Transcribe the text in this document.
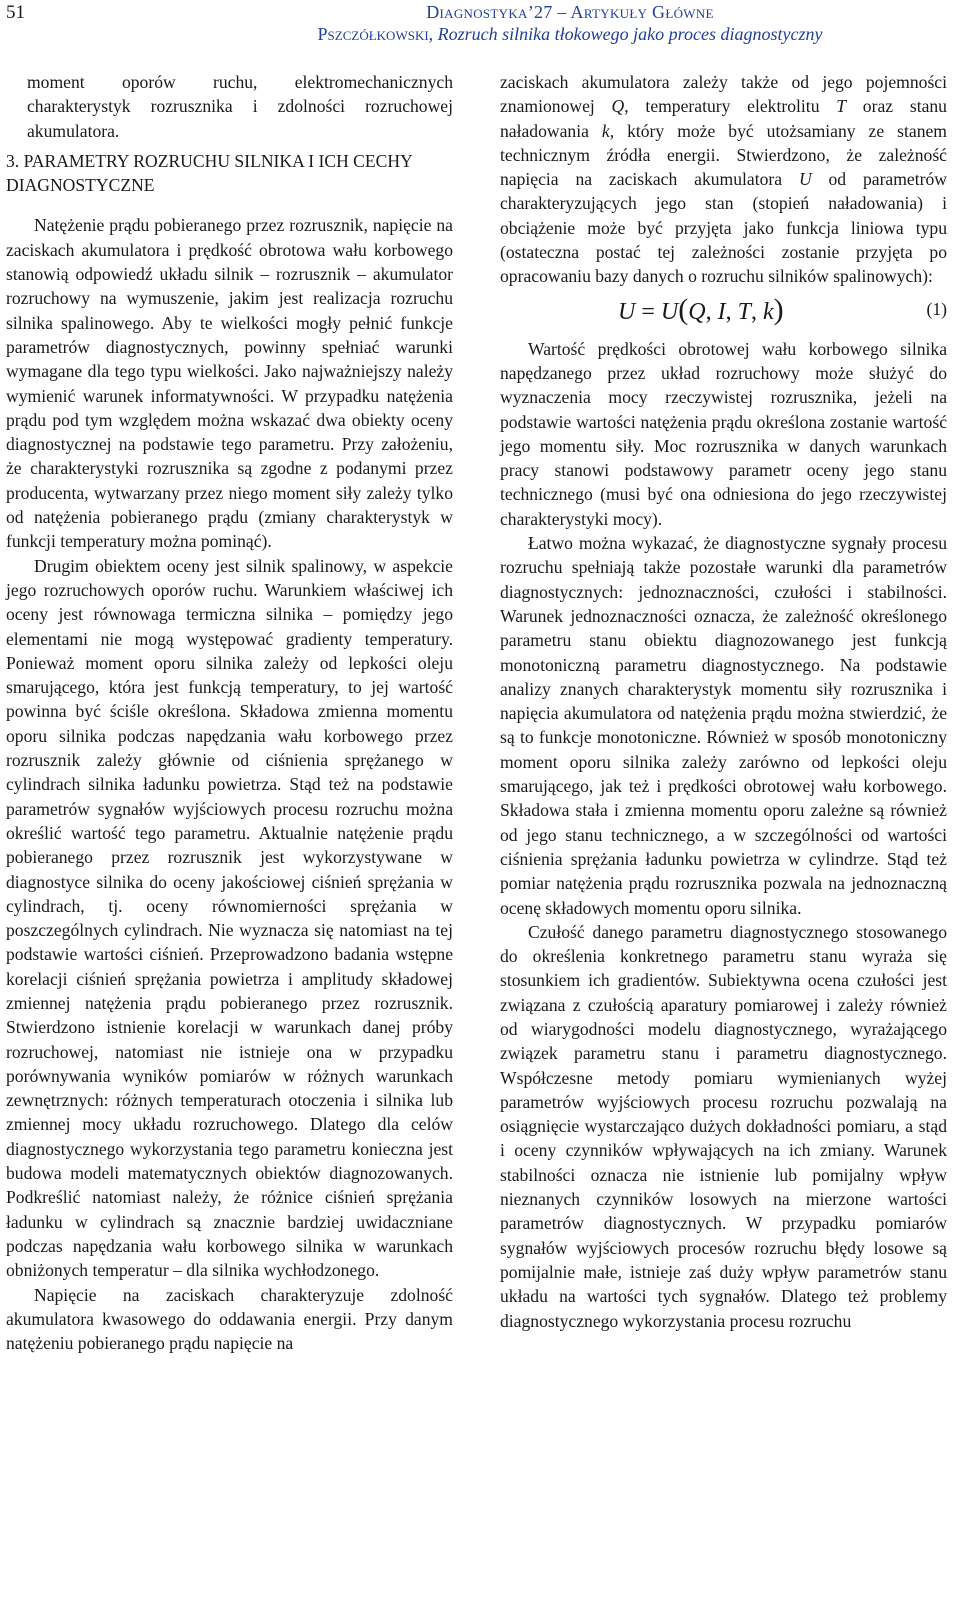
51	Diagnostyka’27 – Artykuły Główne
Pszczółkowski, Rozruch silnika tłokowego jako proces diagnostyczny

moment oporów ruchu, elektromechanicznych charakterystyk rozrusznika i zdolności rozruchowej akumulatora.

3. PARAMETRY ROZRUCHU SILNIKA I ICH CECHY DIAGNOSTYCZNE

Natężenie prądu pobieranego przez rozrusznik, napięcie na zaciskach akumulatora i prędkość obrotowa wału korbowego stanowią odpowiedź układu silnik – rozrusznik – akumulator rozruchowy na wymuszenie, jakim jest realizacja rozruchu silnika spalinowego. Aby te wielkości mogły pełnić funkcje parametrów diagnostycznych, powinny spełniać warunki wymagane dla tego typu wielkości. Jako najważniejszy należy wymienić warunek informatywności. W przypadku natężenia prądu pod tym względem można wskazać dwa obiekty oceny diagnostycznej na podstawie tego parametru. Przy założeniu, że charakterystyki rozrusznika są zgodne z podanymi przez producenta, wytwarzany przez niego moment siły zależy tylko od natężenia pobieranego prądu (zmiany charakterystyk w funkcji temperatury można pominąć).

Drugim obiektem oceny jest silnik spalinowy, w aspekcie jego rozruchowych oporów ruchu. Warunkiem właściwej ich oceny jest równowaga termiczna silnika – pomiędzy jego elementami nie mogą występować gradienty temperatury. Ponieważ moment oporu silnika zależy od lepkości oleju smarującego, która jest funkcją temperatury, to jej wartość powinna być ściśle określona. Składowa zmienna momentu oporu silnika podczas napędzania wału korbowego przez rozrusznik zależy głównie od ciśnienia sprężanego w cylindrach silnika ładunku powietrza. Stąd też na podstawie parametrów sygnałów wyjściowych procesu rozruchu można określić wartość tego parametru. Aktualnie natężenie prądu pobieranego przez rozrusznik jest wykorzystywane w diagnostyce silnika do oceny jakościowej ciśnień sprężania w cylindrach, tj. oceny równomierności sprężania w poszczególnych cylindrach. Nie wyznacza się natomiast na tej podstawie wartości ciśnień. Przeprowadzono badania wstępne korelacji ciśnień sprężania powietrza i amplitudy składowej zmiennej natężenia prądu pobieranego przez rozrusznik. Stwierdzono istnienie korelacji w warunkach danej próby rozruchowej, natomiast nie istnieje ona w przypadku porównywania wyników pomiarów w różnych warunkach zewnętrznych: różnych temperaturach otoczenia i silnika lub zmiennej mocy układu rozruchowego. Dlatego dla celów diagnostycznego wykorzystania tego parametru konieczna jest budowa modeli matematycznych obiektów diagnozowanych. Podkreślić natomiast należy, że różnice ciśnień sprężania ładunku w cylindrach są znacznie bardziej uwidaczniane podczas napędzania wału korbowego silnika w warunkach obniżonych temperatur – dla silnika wychłodzonego.

Napięcie na zaciskach charakteryzuje zdolność akumulatora kwasowego do oddawania energii. Przy danym natężeniu pobieranego prądu napięcie na

zaciskach akumulatora zależy także od jego pojemności znamionowej Q, temperatury elektrolitu T oraz stanu naładowania k, który może być utożsamiany ze stanem technicznym źródła energii. Stwierdzono, że zależność napięcia na zaciskach akumulatora U od parametrów charakteryzujących jego stan (stopień naładowania) i obciążenie może być przyjęta jako funkcja liniowa typu (ostateczna postać tej zależności zostanie przyjęta po opracowaniu bazy danych o rozruchu silników spalinowych):

U = U(Q, I, T, k)	(1)

Wartość prędkości obrotowej wału korbowego silnika napędzanego przez układ rozruchowy może służyć do wyznaczenia mocy rzeczywistej rozrusznika, jeżeli na podstawie wartości natężenia prądu określona zostanie wartość jego momentu siły. Moc rozrusznika w danych warunkach pracy stanowi podstawowy parametr oceny jego stanu technicznego (musi być ona odniesiona do jego rzeczywistej charakterystyki mocy).

Łatwo można wykazać, że diagnostyczne sygnały procesu rozruchu spełniają także pozostałe warunki dla parametrów diagnostycznych: jednoznaczności, czułości i stabilności. Warunek jednoznaczności oznacza, że zależność określonego parametru stanu obiektu diagnozowanego jest funkcją monotoniczną parametru diagnostycznego. Na podstawie analizy znanych charakterystyk momentu siły rozrusznika i napięcia akumulatora od natężenia prądu można stwierdzić, że są to funkcje monotoniczne. Również w sposób monotoniczny moment oporu silnika zależy zarówno od lepkości oleju smarującego, jak też i prędkości obrotowej wału korbowego. Składowa stała i zmienna momentu oporu zależne są również od jego stanu technicznego, a w szczególności od wartości ciśnienia sprężania ładunku powietrza w cylindrze. Stąd też pomiar natężenia prądu rozrusznika pozwala na jednoznaczną ocenę składowych momentu oporu silnika.

Czułość danego parametru diagnostycznego stosowanego do określenia konkretnego parametru stanu wyraża się stosunkiem ich gradientów. Subiektywna ocena czułości jest związana z czułością aparatury pomiarowej i zależy również od wiarygodności modelu diagnostycznego, wyrażającego związek parametru stanu i parametru diagnostycznego. Współczesne metody pomiaru wymienianych wyżej parametrów wyjściowych procesu rozruchu pozwalają na osiągnięcie wystarczająco dużych dokładności pomiaru, a stąd i oceny czynników wpływających na ich zmiany. Warunek stabilności oznacza nie istnienie lub pomijalny wpływ nieznanych czynników losowych na mierzone wartości parametrów diagnostycznych. W przypadku pomiarów sygnałów wyjściowych procesów rozruchu błędy losowe są pomijalnie małe, istnieje zaś duży wpływ parametrów stanu układu na wartości tych sygnałów. Dlatego też problemy diagnostycznego wykorzystania procesu rozruchu
